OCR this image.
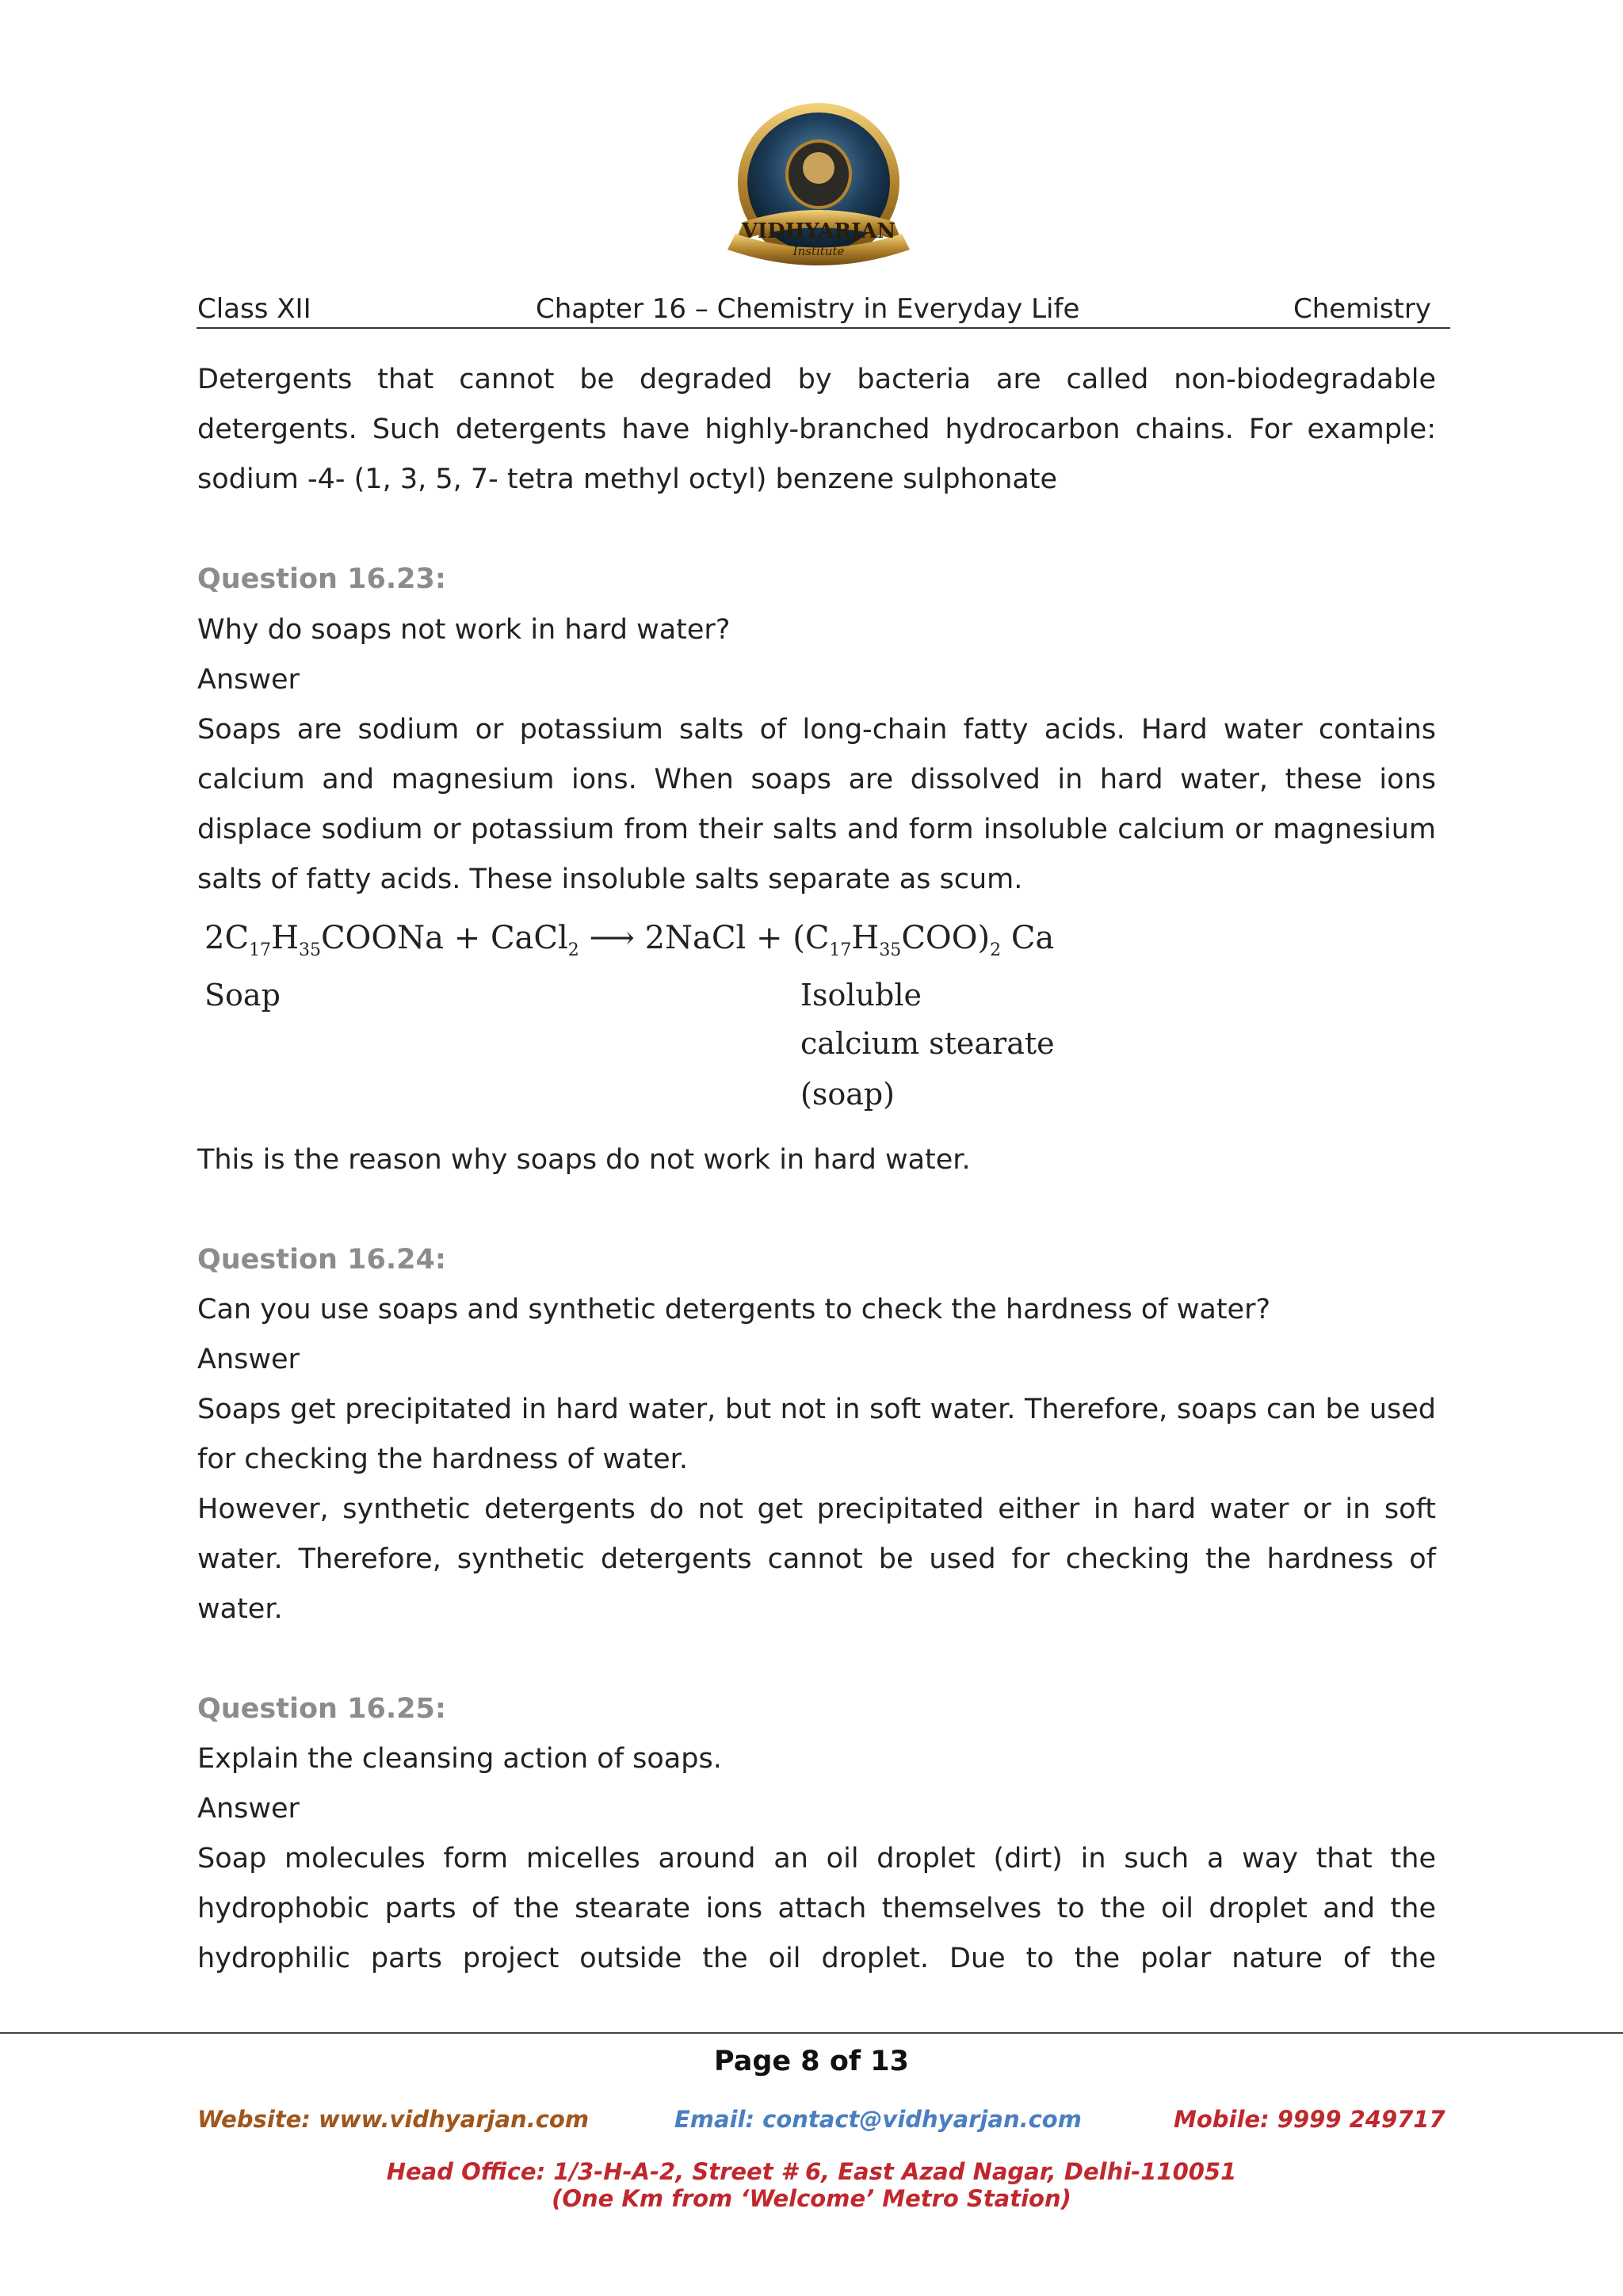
VIDHYARJAN
Institute
Class XII	Chapter 16 – Chemistry in Everyday Life	Chemistry
Detergents that cannot be degraded by bacteria are called non-biodegradable detergents. Such detergents have highly-branched hydrocarbon chains. For example: sodium -4- (1, 3, 5, 7- tetra methyl octyl) benzene sulphonate
Question 16.23:
Why do soaps not work in hard water?
Answer
Soaps are sodium or potassium salts of long-chain fatty acids. Hard water contains calcium and magnesium ions. When soaps are dissolved in hard water, these ions displace sodium or potassium from their salts and form insoluble calcium or magnesium salts of fatty acids. These insoluble salts separate as scum.
$2C_{17}H_{35}COONa$ + CaCl$_2$ ⟶ 2NaCl + $(C_{17}H_{35}COO)_2$ Ca
Soap	Isoluble
calcium stearate
(soap)
This is the reason why soaps do not work in hard water.
Question 16.24:
Can you use soaps and synthetic detergents to check the hardness of water?
Answer
Soaps get precipitated in hard water, but not in soft water. Therefore, soaps can be used for checking the hardness of water.
However, synthetic detergents do not get precipitated either in hard water or in soft water. Therefore, synthetic detergents cannot be used for checking the hardness of water.
Question 16.25:
Explain the cleansing action of soaps.
Answer
Soap molecules form micelles around an oil droplet (dirt) in such a way that the hydrophobic parts of the stearate ions attach themselves to the oil droplet and the hydrophilic parts project outside the oil droplet. Due to the polar nature of the
Page 8 of 13
Website: www.vidhyarjan.com	Email: contact@vidhyarjan.com	Mobile: 9999 249717
Head Office: 1/3-H-A-2, Street # 6, East Azad Nagar, Delhi-110051
(One Km from ‘Welcome’ Metro Station)
